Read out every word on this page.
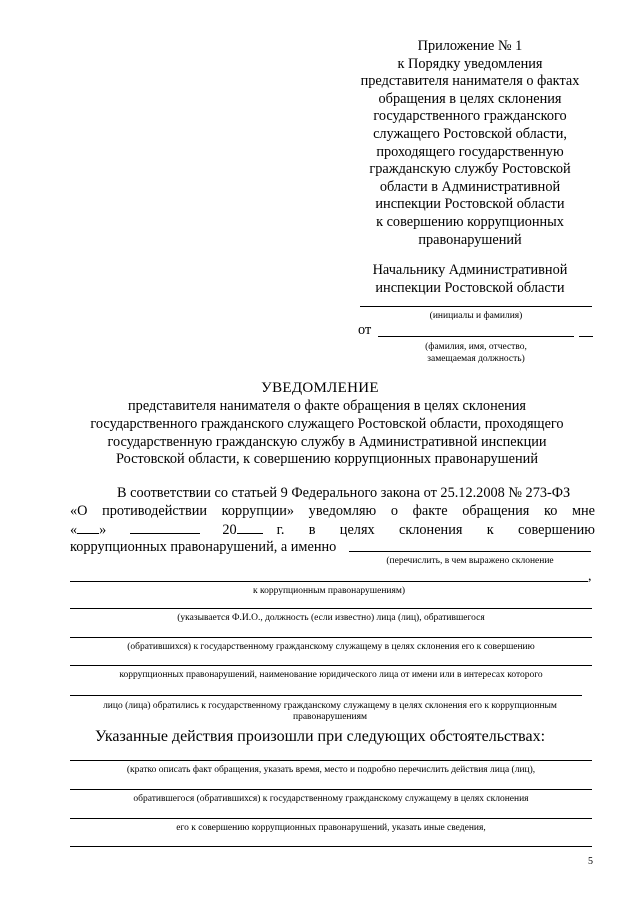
Приложение № 1
к Порядку уведомления
представителя нанимателя о фактах
обращения в целях склонения
государственного гражданского
служащего Ростовской области,
проходящего государственную
гражданскую службу Ростовской
области в Административной
инспекции Ростовской области
к совершению коррупционных
правонарушений
Начальнику Административной
инспекции Ростовской области
(инициалы и фамилия)
от
(фамилия, имя, отчество,
замещаемая должность)
УВЕДОМЛЕНИЕ
представителя нанимателя о факте обращения в целях склонения
государственного гражданского служащего Ростовской области, проходящего
государственную гражданскую службу в Административной инспекции
Ростовской области, к совершению коррупционных правонарушений
В соответствии со статьей 9 Федерального закона от 25.12.2008 № 273-ФЗ
«О противодействии коррупции» уведомляю о факте обращения ко мне
« »	20	г. в целях склонения к совершению
коррупционных правонарушений, а именно
(перечислить, в чем выражено склонение
,
к коррупционным правонарушениям)
(указывается Ф.И.О., должность (если известно) лица (лиц), обратившегося
(обратившихся) к государственному гражданскому служащему в целях склонения его к совершению
коррупционных правонарушений, наименование юридического лица от имени или в интересах которого
лицо (лица) обратились к государственному гражданскому служащему в целях склонения его к коррупционным
правонарушениям
Указанные действия произошли при следующих обстоятельствах:
(кратко описать факт обращения, указать время, место и подробно перечислить действия лица (лиц),
обратившегося (обратившихся) к государственному гражданскому служащему в целях склонения
его к совершению коррупционных правонарушений, указать иные сведения,
5
